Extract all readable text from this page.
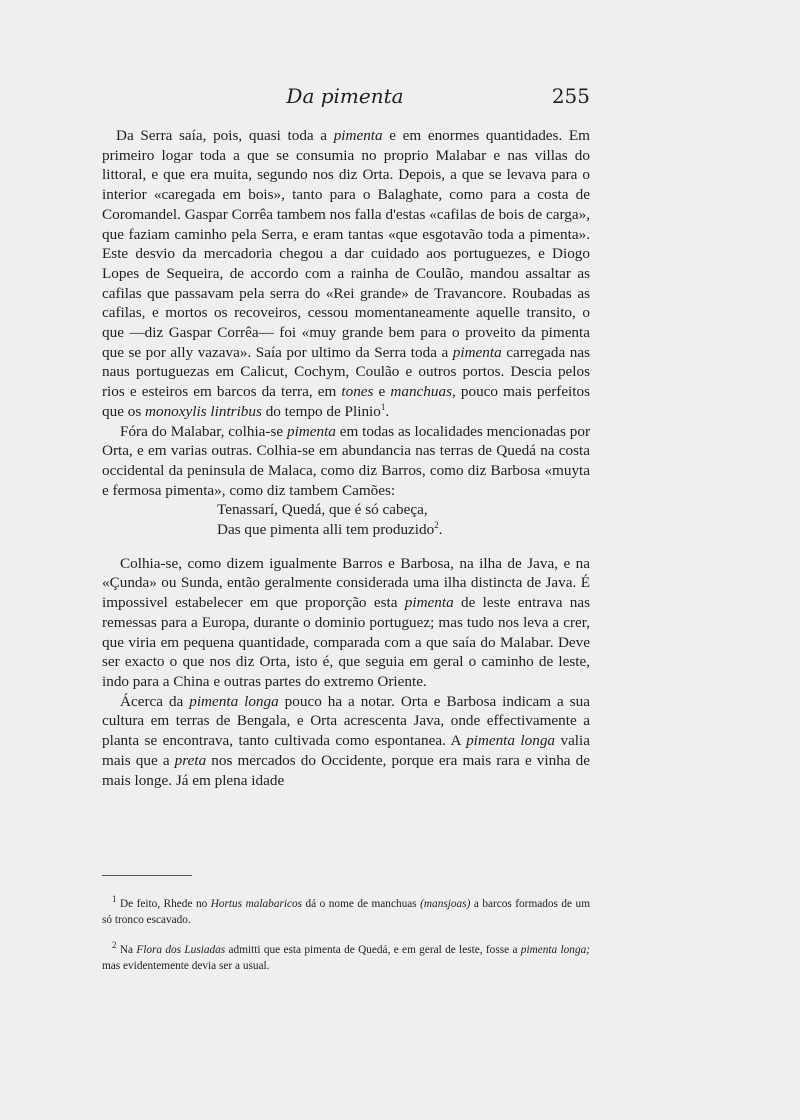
Da pimenta	255

Da Serra saía, pois, quasi toda a pimenta e em enormes quantidades. Em primeiro logar toda a que se consumia no proprio Malabar e nas villas do littoral, e que era muita, segundo nos diz Orta. Depois, a que se levava para o interior «caregada em bois», tanto para o Balaghate, como para a costa de Coromandel. Gaspar Corrêa tambem nos falla d'estas «cafilas de bois de carga», que faziam caminho pela Serra, e eram tantas «que esgotavão toda a pimenta». Este desvio da mercadoria chegou a dar cuidado aos portuguezes, e Diogo Lopes de Sequeira, de accordo com a rainha de Coulão, mandou assaltar as cafilas que passavam pela serra do «Rei grande» de Travancore. Roubadas as cafilas, e mortos os recoveiros, cessou momentaneamente aquelle transito, o que —diz Gaspar Corrêa— foi «muy grande bem para o proveito da pimenta que se por ally vazava». Saía por ultimo da Serra toda a pimenta carregada nas naus portuguezas em Calicut, Cochym, Coulão e outros portos. Descia pelos rios e esteiros em barcos da terra, em tones e manchuas, pouco mais perfeitos que os monoxylis lintribus do tempo de Plinio$^1$.

Fóra do Malabar, colhia-se pimenta em todas as localidades mencionadas por Orta, e em varias outras. Colhia-se em abundancia nas terras de Quedá na costa occidental da peninsula de Malaca, como diz Barros, como diz Barbosa «muyta e fermosa pimenta», como diz tambem Camões:

Tenassarí, Quedá, que é só cabeça,
Das que pimenta alli tem produzido$^2$.

Colhia-se, como dizem igualmente Barros e Barbosa, na ilha de Java, e na «Çunda» ou Sunda, então geralmente considerada uma ilha distincta de Java. É impossivel estabelecer em que proporção esta pimenta de leste entrava nas remessas para a Europa, durante o dominio portuguez; mas tudo nos leva a crer, que viria em pequena quantidade, comparada com a que saía do Malabar. Deve ser exacto o que nos diz Orta, isto é, que seguia em geral o caminho de leste, indo para a China e outras partes do extremo Oriente.

Ácerca da pimenta longa pouco ha a notar. Orta e Barbosa indicam a sua cultura em terras de Bengala, e Orta acrescenta Java, onde effectivamente a planta se encontrava, tanto cultivada como espontanea. A pimenta longa valia mais que a preta nos mercados do Occidente, porque era mais rara e vinha de mais longe. Já em plena idade

$^1$ De feito, Rhede no Hortus malabaricos dá o nome de manchuas (mansjoas) a barcos formados de um só tronco escavado.

$^2$ Na Flora dos Lusiadas admitti que esta pimenta de Quedá, e em geral de leste, fosse a pimenta longa; mas evidentemente devia ser a usual.
